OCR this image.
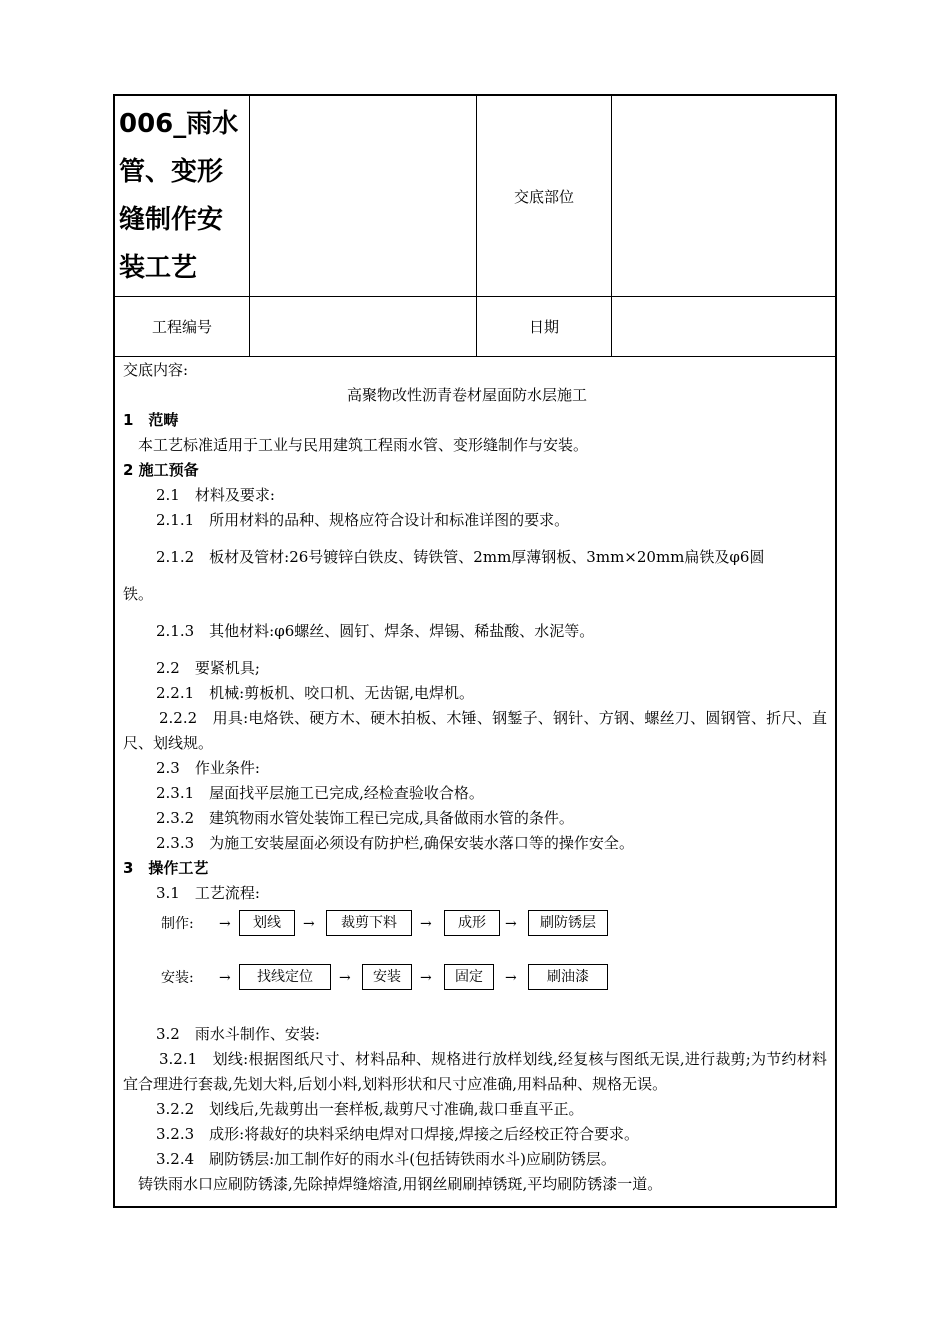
006_雨水
管、变形
缝制作安
装工艺
交底部位
工程编号	日期

交底内容:

高聚物改性沥青卷材屋面防水层施工

1　范畴

本工艺标准适用于工业与民用建筑工程雨水管、变形缝制作与安装。

2 施工预备

2.1　材料及要求:

2.1.1　所用材料的品种、规格应符合设计和标准详图的要求。

2.1.2　板材及管材:26号镀锌白铁皮、铸铁管、2mm厚薄钢板、3mm×20mm扁铁及φ6圆

铁。

2.1.3　其他材料:φ6螺丝、圆钉、焊条、焊锡、稀盐酸、水泥等。

2.2　要紧机具;

2.2.1　机械:剪板机、咬口机、无齿锯,电焊机。

2.2.2　用具:电烙铁、硬方木、硬木拍板、木锤、钢錾子、钢针、方钢、螺丝刀、圆钢管、折尺、直尺、划线规。

2.3　作业条件:

2.3.1　屋面找平层施工已完成,经检查验收合格。

2.3.2　建筑物雨水管处装饰工程已完成,具备做雨水管的条件。

2.3.3　为施工安装屋面必须设有防护栏,确保安装水落口等的操作安全。

3　操作工艺

3.1　工艺流程:

制作: →	划线	→	裁剪下料	→	成形	→	刷防锈层
安装: →	找线定位	→	安装	→	固定	→	刷油漆

3.2　雨水斗制作、安装:

3.2.1　划线:根据图纸尺寸、材料品种、规格进行放样划线,经复核与图纸无误,进行裁剪;为节约材料宜合理进行套裁,先划大料,后划小料,划料形状和尺寸应准确,用料品种、规格无误。

3.2.2　划线后,先裁剪出一套样板,裁剪尺寸准确,裁口垂直平正。

3.2.3　成形:将裁好的块料采纳电焊对口焊接,焊接之后经校正符合要求。

3.2.4　刷防锈层:加工制作好的雨水斗(包括铸铁雨水斗)应刷防锈层。

铸铁雨水口应刷防锈漆,先除掉焊缝熔渣,用钢丝刷刷掉锈斑,平均刷防锈漆一道。
